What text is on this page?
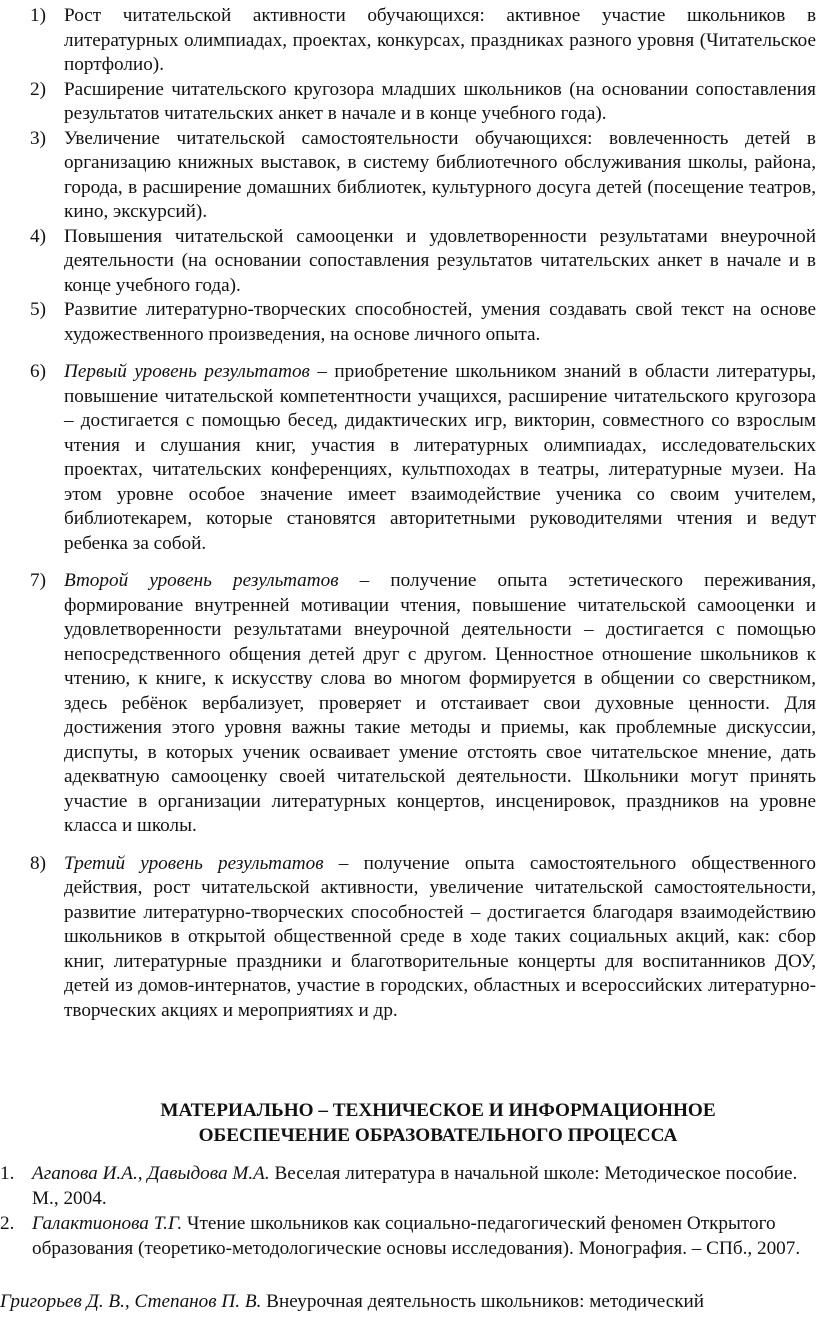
1) Рост читательской активности обучающихся: активное участие школьников в литературных олимпиадах, проектах, конкурсах, праздниках разного уровня (Читательское портфолио).
2) Расширение читательского кругозора младших школьников (на основании сопоставления результатов читательских анкет в начале и в конце учебного года).
3) Увеличение читательской самостоятельности обучающихся: вовлеченность детей в организацию книжных выставок, в систему библиотечного обслуживания школы, района, города, в расширение домашних библиотек, культурного досуга детей (посещение театров, кино, экскурсий).
4) Повышения читательской самооценки и удовлетворенности результатами внеурочной деятельности (на основании сопоставления результатов читательских анкет в начале и в конце учебного года).
5) Развитие литературно-творческих способностей, умения создавать свой текст на основе художественного произведения, на основе личного опыта.
6) Первый уровень результатов – приобретение школьником знаний в области литературы, повышение читательской компетентности учащихся, расширение читательского кругозора – достигается с помощью бесед, дидактических игр, викторин, совместного со взрослым чтения и слушания книг, участия в литературных олимпиадах, исследовательских проектах, читательских конференциях, культпоходах в театры, литературные музеи. На этом уровне особое значение имеет взаимодействие ученика со своим учителем, библиотекарем, которые становятся авторитетными руководителями чтения и ведут ребенка за собой.
7) Второй уровень результатов – получение опыта эстетического переживания, формирование внутренней мотивации чтения, повышение читательской самооценки и удовлетворенности результатами внеурочной деятельности – достигается с помощью непосредственного общения детей друг с другом. Ценностное отношение школьников к чтению, к книге, к искусству слова во многом формируется в общении со сверстником, здесь ребёнок вербализует, проверяет и отстаивает свои духовные ценности. Для достижения этого уровня важны такие методы и приемы, как проблемные дискуссии, диспуты, в которых ученик осваивает умение отстоять свое читательское мнение, дать адекватную самооценку своей читательской деятельности. Школьники могут принять участие в организации литературных концертов, инсценировок, праздников на уровне класса и школы.
8) Третий уровень результатов – получение опыта самостоятельного общественного действия, рост читательской активности, увеличение читательской самостоятельности, развитие литературно-творческих способностей – достигается благодаря взаимодействию школьников в открытой общественной среде в ходе таких социальных акций, как: сбор книг, литературные праздники и благотворительные концерты для воспитанников ДОУ, детей из домов-интернатов, участие в городских, областных и всероссийских литературно-творческих акциях и мероприятиях и др.
МАТЕРИАЛЬНО – ТЕХНИЧЕСКОЕ И ИНФОРМАЦИОННОЕ
ОБЕСПЕЧЕНИЕ ОБРАЗОВАТЕЛЬНОГО ПРОЦЕССА
1. Агапова И.А., Давыдова М.А. Веселая литература в начальной школе: Методическое пособие. М., 2004.
2. Галактионова Т.Г. Чтение школьников как социально-педагогический феномен Открытого образования (теоретико-методологические основы исследования). Монография. – СПб., 2007.
Григорьев Д. В., Степанов П. В. Внеурочная деятельность школьников: методический
